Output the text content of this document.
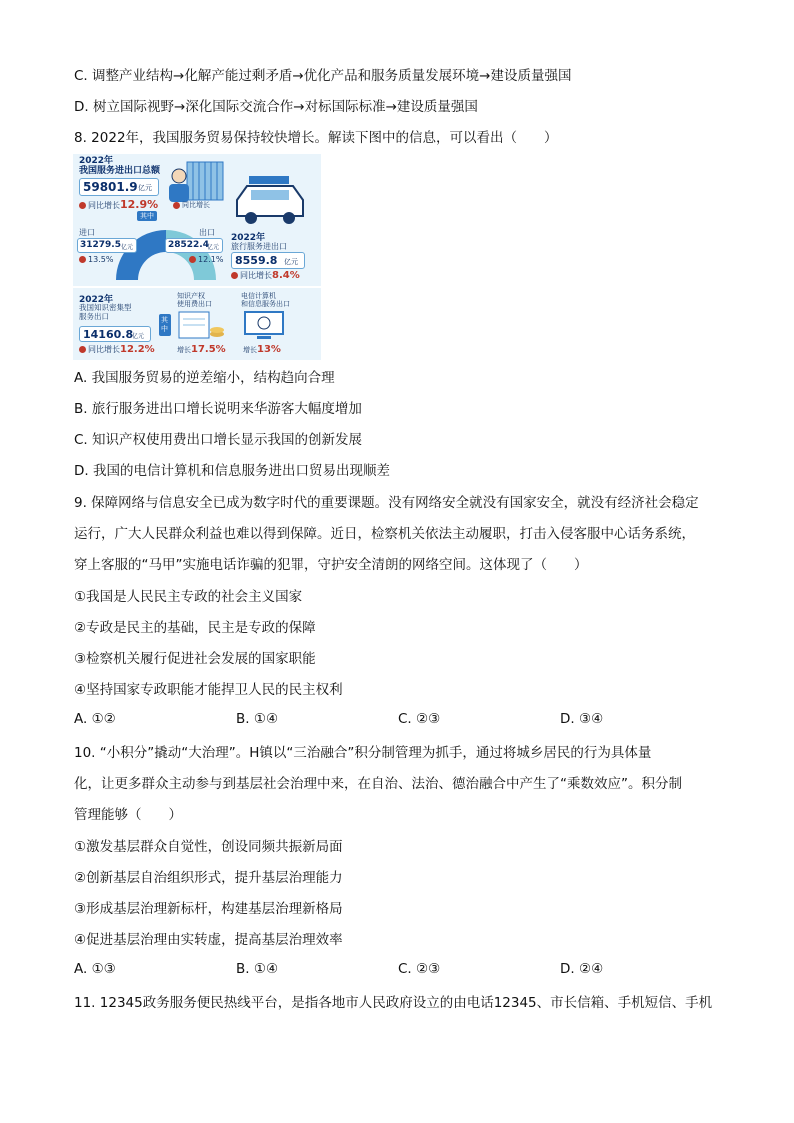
C. 调整产业结构→化解产能过剩矛盾→优化产品和服务质量发展环境→建设质量强国
D. 树立国际视野→深化国际交流合作→对标国际标准→建设质量强国
8. 2022年，我国服务贸易保持较快增长。解读下图中的信息，可以看出（　　）
2022年
我国服务进出口总额
59801.9 亿元
同比增长12.9%	同比增长
其中
进口
31279.5 亿元
13.5%
出口
28522.4
亿元
12.1%
2022年
旅行服务进出口
8559.8 亿元
同比增长8.4%
2022年
我国知识密集型
服务出口
14160.8
亿元
同比增长12.2%
其中
知识产权
使用费出口
增长17.5%
电信计算机
和信息服务出口
增长13%
A. 我国服务贸易的逆差缩小，结构趋向合理
B. 旅行服务进出口增长说明来华游客大幅度增加
C. 知识产权使用费出口增长显示我国的创新发展
D. 我国的电信计算机和信息服务进出口贸易出现顺差
9. 保障网络与信息安全已成为数字时代的重要课题。没有网络安全就没有国家安全，就没有经济社会稳定
运行，广大人民群众利益也难以得到保障。近日，检察机关依法主动履职，打击入侵客服中心话务系统，
穿上客服的“马甲”实施电话诈骗的犯罪，守护安全清朗的网络空间。这体现了（　　）
①我国是人民民主专政的社会主义国家
②专政是民主的基础，民主是专政的保障
③检察机关履行促进社会发展的国家职能
④坚持国家专政职能才能捍卫人民的民主权利
A. ①②	B. ①④	C. ②③	D. ③④
10. “小积分”撬动“大治理”。H镇以“三治融合”积分制管理为抓手，通过将城乡居民的行为具体量
化，让更多群众主动参与到基层社会治理中来，在自治、法治、德治融合中产生了“乘数效应”。积分制
管理能够（　　）
①激发基层群众自觉性，创设同频共振新局面
②创新基层自治组织形式，提升基层治理能力
③形成基层治理新标杆，构建基层治理新格局
④促进基层治理由实转虚，提高基层治理效率
A. ①③	B. ①④	C. ②③	D. ②④
11. 12345政务服务便民热线平台，是指各地市人民政府设立的由电话12345、市长信箱、手机短信、手机
